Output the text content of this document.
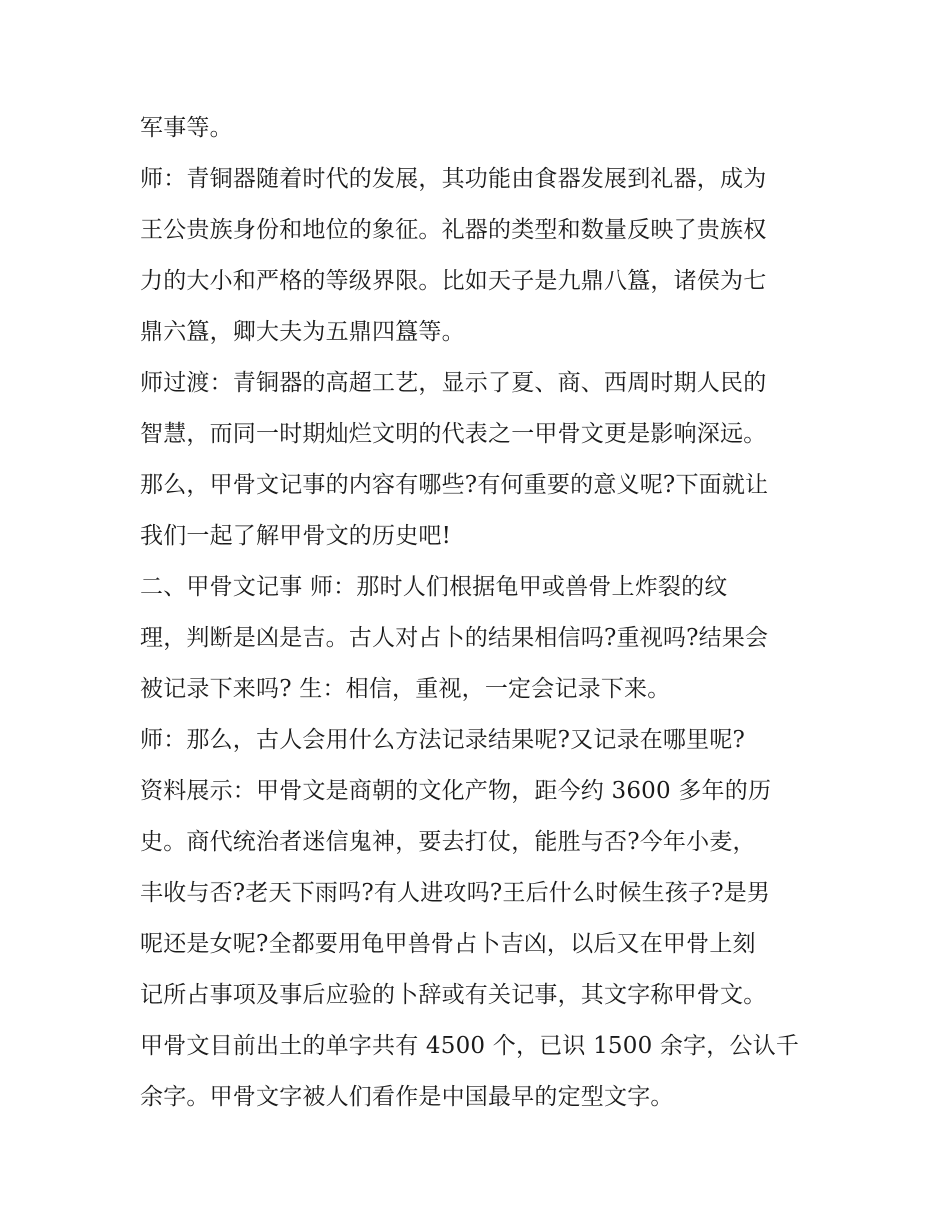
军事等。
师：青铜器随着时代的发展，其功能由食器发展到礼器，成为
王公贵族身份和地位的象征。礼器的类型和数量反映了贵族权
力的大小和严格的等级界限。比如天子是九鼎八簋，诸侯为七
鼎六簋，卿大夫为五鼎四簋等。
师过渡：青铜器的高超工艺，显示了夏、商、西周时期人民的
智慧，而同一时期灿烂文明的代表之一甲骨文更是影响深远。
那么，甲骨文记事的内容有哪些?有何重要的意义呢?下面就让
我们一起了解甲骨文的历史吧!
二、甲骨文记事 师：那时人们根据龟甲或兽骨上炸裂的纹
理，判断是凶是吉。古人对占卜的结果相信吗?重视吗?结果会
被记录下来吗? 生：相信，重视，一定会记录下来。
师：那么，古人会用什么方法记录结果呢?又记录在哪里呢?
资料展示：甲骨文是商朝的文化产物，距今约 3600 多年的历
史。商代统治者迷信鬼神，要去打仗，能胜与否?今年小麦，
丰收与否?老天下雨吗?有人进攻吗?王后什么时候生孩子?是男
呢还是女呢?全都要用龟甲兽骨占卜吉凶，以后又在甲骨上刻
记所占事项及事后应验的卜辞或有关记事，其文字称甲骨文。
甲骨文目前出土的单字共有 4500 个，已识 1500 余字，公认千
余字。甲骨文字被人们看作是中国最早的定型文字。
